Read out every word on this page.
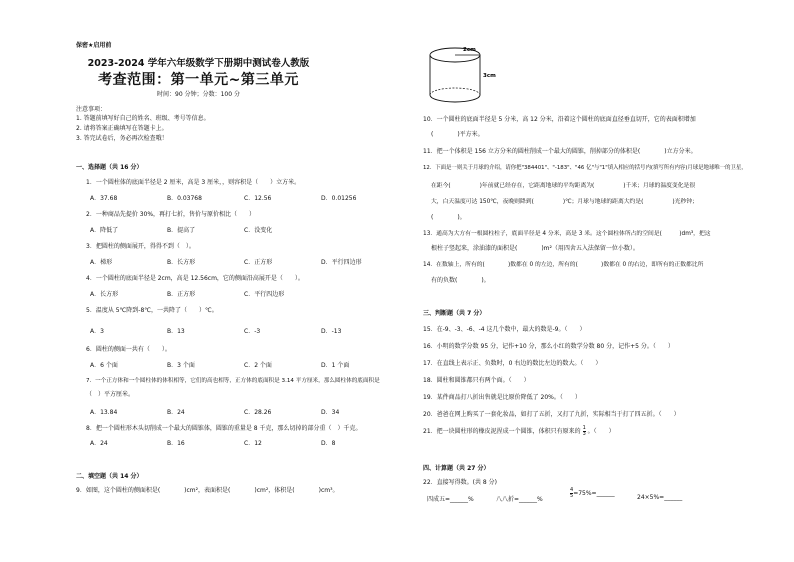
保密★启用前
2023-2024 学年六年级数学下册期中测试卷人教版
考查范围：第一单元~第三单元
时间：90 分钟；分数：100 分
注意事项：
1. 答题前填写好自己的姓名、班级、考号等信息。
2. 请将答案正确填写在答题卡上。
3. 答完试卷后，务必再次检查哦！
一、选择题（共 16 分）
1．一个圆柱体的底面半径是 2 厘米，高是 3 厘米，，则容积是（　　）立方米。
A．37.68	B．0.03768	C．12.56	D．0.01256
2．一种商品先提价 30%，再打七折，售价与原价相比（　　）
A．降低了	B．提高了	C．没变化
3．把圆柱的侧面展开，得得不到（　）。
A．梯形	B．长方形	C．正方形	D．平行四边形
4．一个圆柱的底面半径是 2cm，高是 12.56cm，它的侧面沿高展开是（　　）。
A．长方形	B．正方形	C．平行四边形
5．温度从 5℃降到-8℃，一共降了（　　）℃。
A．3	B．13	C．-3	D．-13
6．圆柱的侧面一共有（　　）。
A．6 个面	B．3 个面	C．2 个面	D．1 个面
7．一个正方体和一个圆柱体的体积相等，它们的高也相等，正方体的底面积是 3.14 平方厘米，那么圆柱体的底面积是
（　）平方厘米。
A．13.84	B．24	C．28.26	D．34
8．把一个圆柱形木头切削成一个最大的圆锥体，圆锥的重量是 8 千克，那么切掉的部分重（　）千克。
A．24	B．16	C．12	D．8
二、填空题（共 14 分）
9．如图，这个圆柱的侧面积是(　　　　)cm²，表面积是(　　　　)cm²，体积是(　　　　)cm³。
2cm
3cm
10．一个圆柱的底面半径是 5 分米，高 12 分米，沿着这个圆柱的底面直径垂直切开，它的表面积增加
(　　　　)平方米。
11．把一个体积是 156 立方分米的圆柱削成一个最大的圆锥，削掉部分的体积是(　　　　)立方分米。
12．下面是一则关于月球的介绍，请你把"384401"、"-183"、"46 亿"与"1"填入相应的括号内(填写所有内容)月球是地球唯一的卫星，
在距今(　　　　　)年前就已经存在，它距离地球的平均距离为(　　　　　)千米；月球的温度变化是很
大，白天温度可达 150℃，夜晚则降到(　　　　　)℃；月球与地球的距离大约是(　　　　　)光秒钟；
(　　　　)。
13．通高为大方有一根圆柱柱子，底面半径是 4 分米，高是 3 米。这个圆柱体所占的空间是(　　　)dm³，把这
根柱子竖起来，涂油漆的面积是(　　　　)m²（用四舍五入法保留一位小数）。
14．在数轴上，所有的(　　　　)数都在 0 的左边，所有的(　　　　)数都在 0 的右边，即所有的正数都比所
有的负数(　　　　)。
三、判断题（共 7 分）
15．在-9、-3、-6、-4 这几个数中，最大的数是-9。（　　）
16．小明的数学分数 95 分，记作+10 分，那么小红的数学分数 80 分，记作+5 分。（　　）
17．在直线上表示正、负数时，0 右边的数比左边的数大。（　　）
18．圆柱和圆锥都只有两个面。（　　）
19．某件商品打八折出售就是比原价降低了 20%。（　　）
20．爸爸在网上购买了一套化妆品，如打了五折，又打了九折，实际相当于打了四五折。（　　）
21．把一块圆柱形的橡皮泥捏成一个圆锥，体积只有原来的 $\frac{1}{3}$ 。（　　）
四、计算题（共 27 分）
22．直接写得数。(共 8 分)
四成五=______%	八八折=______%
$\frac{4}{5}$ =75%=______
24×5%=______
